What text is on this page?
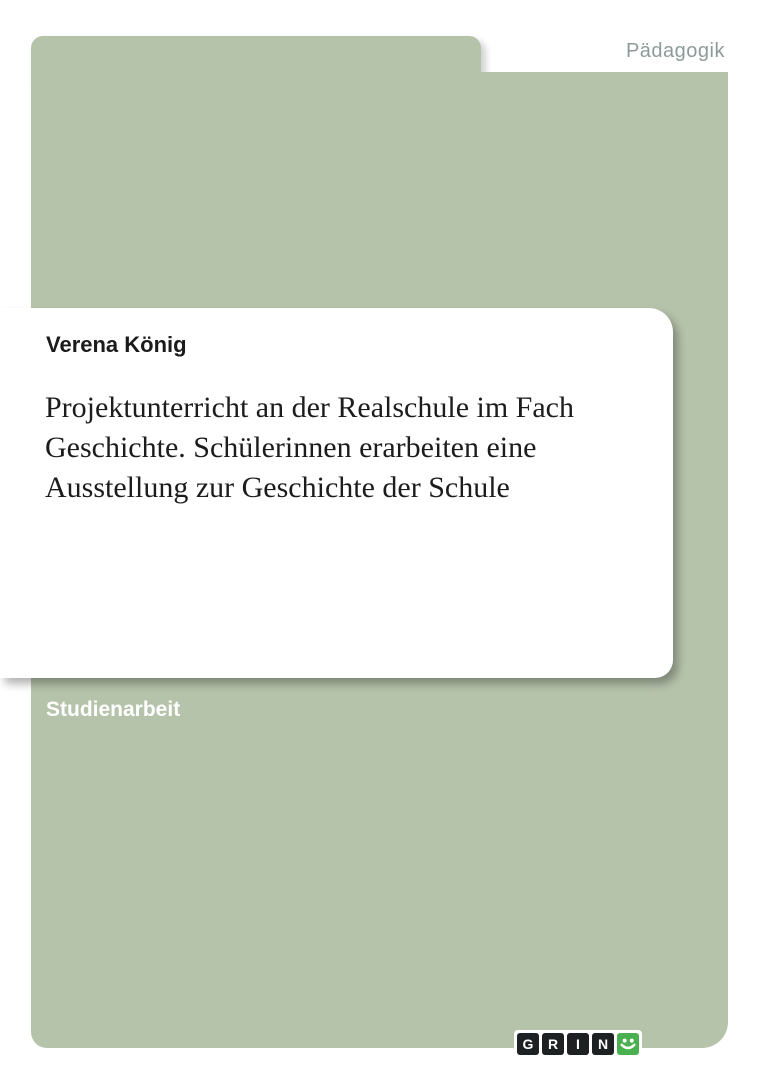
Pädagogik
Verena König
Projektunterricht an der Realschule im Fach
Geschichte. Schülerinnen erarbeiten eine
Ausstellung zur Geschichte der Schule
Studienarbeit
G	R	I	N
